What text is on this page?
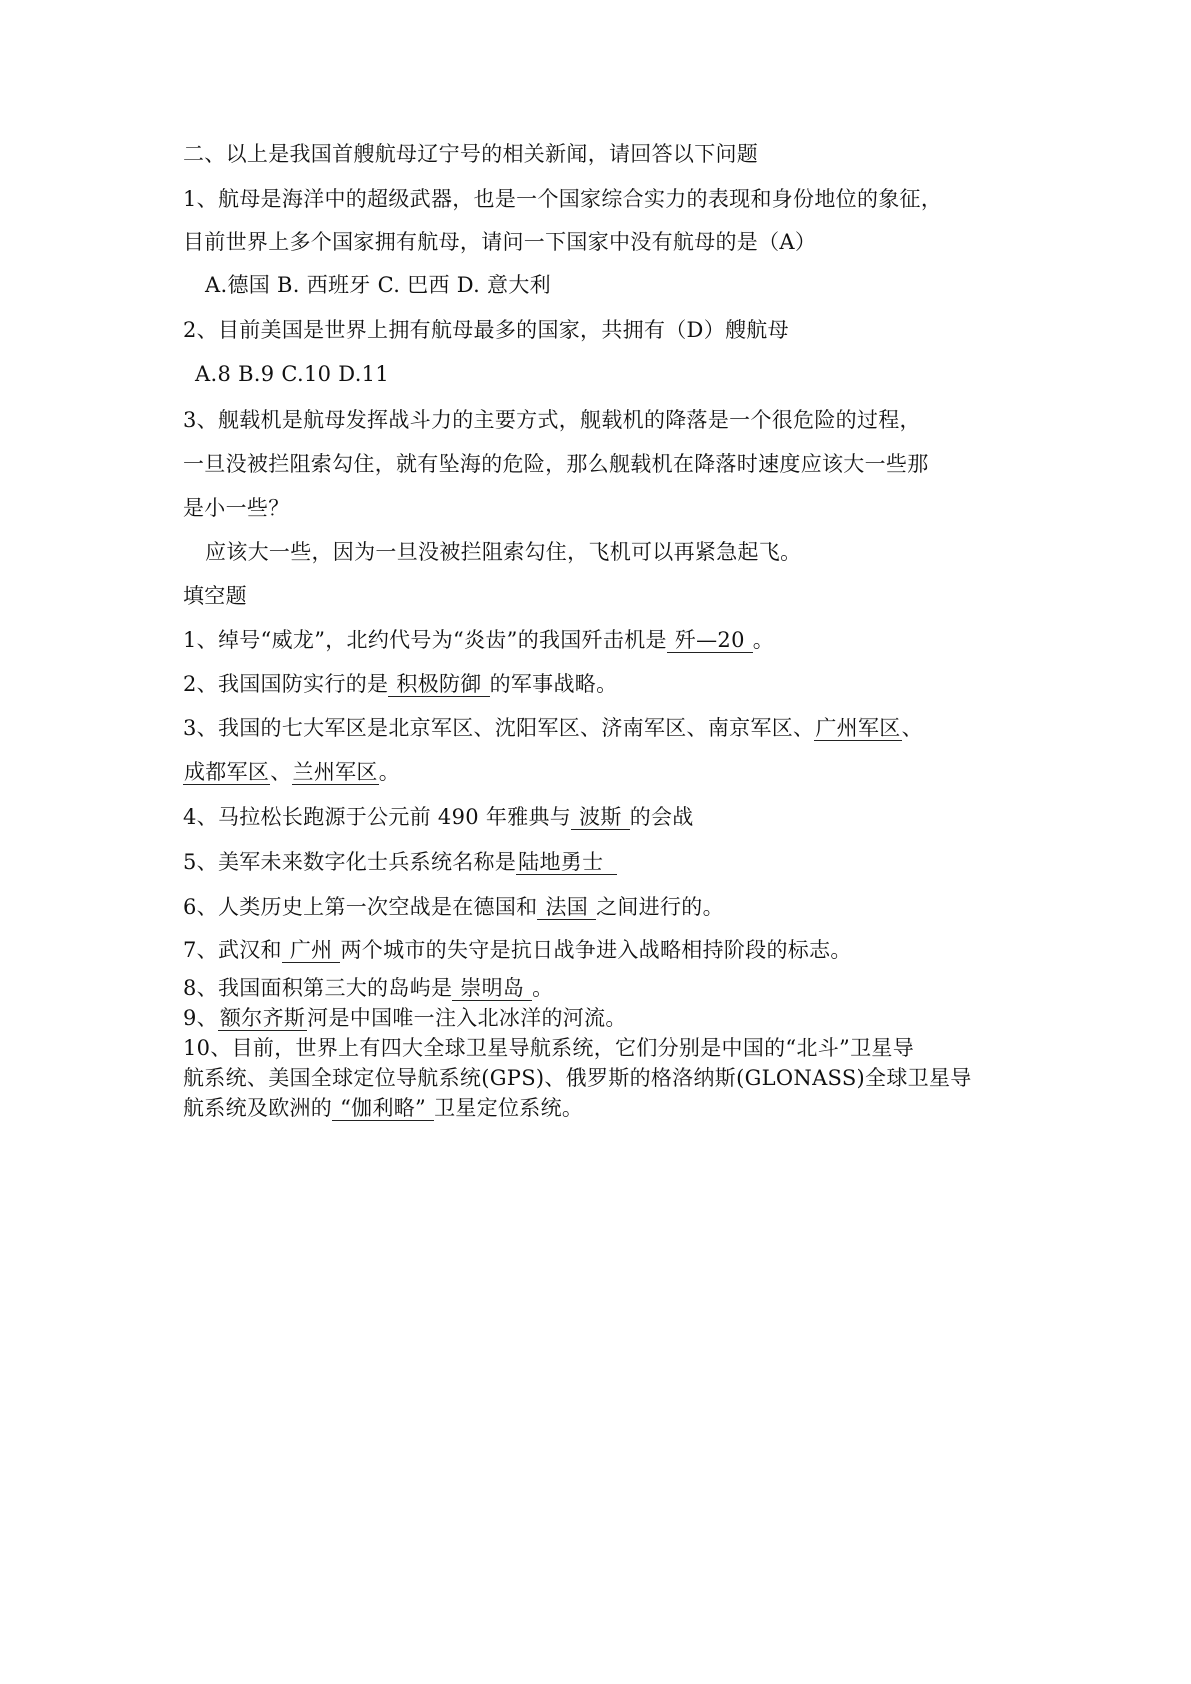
二、以上是我国首艘航母辽宁号的相关新闻，请回答以下问题
1、航母是海洋中的超级武器，也是一个国家综合实力的表现和身份地位的象征，
目前世界上多个国家拥有航母，请问一下国家中没有航母的是（A）
A.德国 B. 西班牙 C. 巴西 D. 意大利
2、目前美国是世界上拥有航母最多的国家，共拥有（D）艘航母
A.8 B.9 C.10 D.11
3、舰载机是航母发挥战斗力的主要方式，舰载机的降落是一个很危险的过程，
一旦没被拦阻索勾住，就有坠海的危险，那么舰载机在降落时速度应该大一些那
是小一些？
应该大一些，因为一旦没被拦阻索勾住，飞机可以再紧急起飞。
填空题
1、绰号“威龙”，北约代号为“炎齿”的我国歼击机是 歼—20 。
2、我国国防实行的是 积极防御 的军事战略。
3、我国的七大军区是北京军区、沈阳军区、济南军区、南京军区、广州军区、
成都军区、兰州军区。
4、马拉松长跑源于公元前 490 年雅典与 波斯 的会战
5、美军未来数字化士兵系统名称是陆地勇士
6、人类历史上第一次空战是在德国和 法国 之间进行的。
7、武汉和 广州 两个城市的失守是抗日战争进入战略相持阶段的标志。
8、我国面积第三大的岛屿是 崇明岛 。
9、额尔齐斯河是中国唯一注入北冰洋的河流。
10、目前，世界上有四大全球卫星导航系统，它们分别是中国的“北斗”卫星导
航系统、美国全球定位导航系统(GPS)、俄罗斯的格洛纳斯(GLONASS)全球卫星导
航系统及欧洲的 “伽利略” 卫星定位系统。
